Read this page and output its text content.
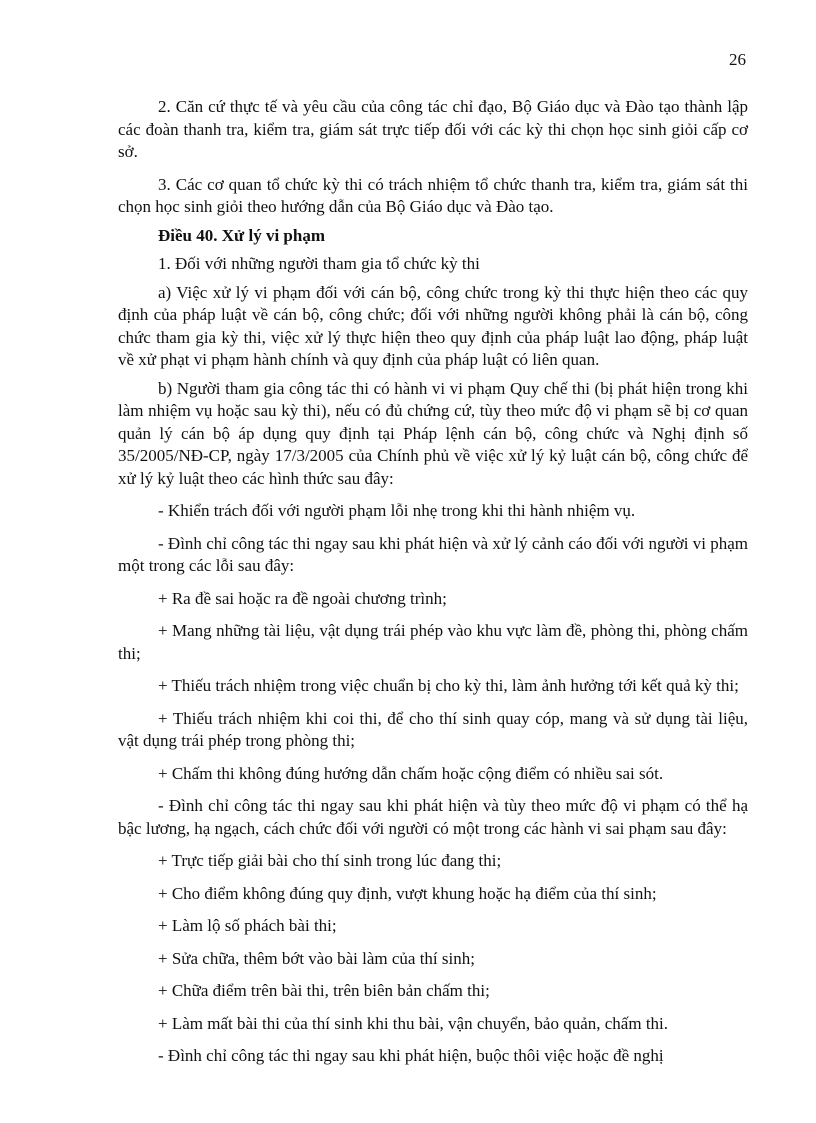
26

2. Căn cứ thực tế và yêu cầu của công tác chỉ đạo, Bộ Giáo dục và Đào tạo thành lập các đoàn thanh tra, kiểm tra, giám sát trực tiếp đối với các kỳ thi chọn học sinh giỏi cấp cơ sở.

3. Các cơ quan tổ chức kỳ thi có trách nhiệm tổ chức thanh tra, kiểm tra, giám sát thi chọn học sinh giỏi theo hướng dẫn của Bộ Giáo dục và Đào tạo.

Điều 40. Xử lý vi phạm

1. Đối với những người tham gia tổ chức kỳ thi

a) Việc xử lý vi phạm đối với cán bộ, công chức trong kỳ thi thực hiện theo các quy định của pháp luật về cán bộ, công chức; đối với những người không phải là cán bộ, công chức tham gia kỳ thi, việc xử lý thực hiện theo quy định của pháp luật lao động, pháp luật về xử phạt vi phạm hành chính và quy định của pháp luật có liên quan.

b) Người tham gia công tác thi có hành vi vi phạm Quy chế thi (bị phát hiện trong khi làm nhiệm vụ hoặc sau kỳ thi), nếu có đủ chứng cứ, tùy theo mức độ vi phạm sẽ bị cơ quan quản lý cán bộ áp dụng quy định tại Pháp lệnh cán bộ, công chức và Nghị định số 35/2005/NĐ-CP, ngày 17/3/2005 của Chính phủ về việc xử lý kỷ luật cán bộ, công chức để xử lý kỷ luật theo các hình thức sau đây:

- Khiển trách đối với người phạm lỗi nhẹ trong khi thi hành nhiệm vụ.

- Đình chỉ công tác thi ngay sau khi phát hiện và xử lý cảnh cáo đối với người vi phạm một trong các lỗi sau đây:

+ Ra đề sai hoặc ra đề ngoài chương trình;

+ Mang những tài liệu, vật dụng trái phép vào khu vực làm đề, phòng thi, phòng chấm thi;

+ Thiếu trách nhiệm trong việc chuẩn bị cho kỳ thi, làm ảnh hưởng tới kết quả kỳ thi;

+ Thiếu trách nhiệm khi coi thi, để cho thí sinh quay cóp, mang và sử dụng tài liệu, vật dụng trái phép trong phòng thi;

+ Chấm thi không đúng hướng dẫn chấm hoặc cộng điểm có nhiều sai sót.

- Đình chỉ công tác thi ngay sau khi phát hiện và tùy theo mức độ vi phạm có thể hạ bậc lương, hạ ngạch, cách chức đối với người có một trong các hành vi sai phạm sau đây:

+ Trực tiếp giải bài cho thí sinh trong lúc đang thi;

+ Cho điểm không đúng quy định, vượt khung hoặc hạ điểm của thí sinh;

+ Làm lộ số phách bài thi;

+ Sửa chữa, thêm bớt vào bài làm của thí sinh;

+ Chữa điểm trên bài thi, trên biên bản chấm thi;

+ Làm mất bài thi của thí sinh khi thu bài, vận chuyển, bảo quản, chấm thi.

- Đình chỉ công tác thi ngay sau khi phát hiện, buộc thôi việc hoặc đề nghị
